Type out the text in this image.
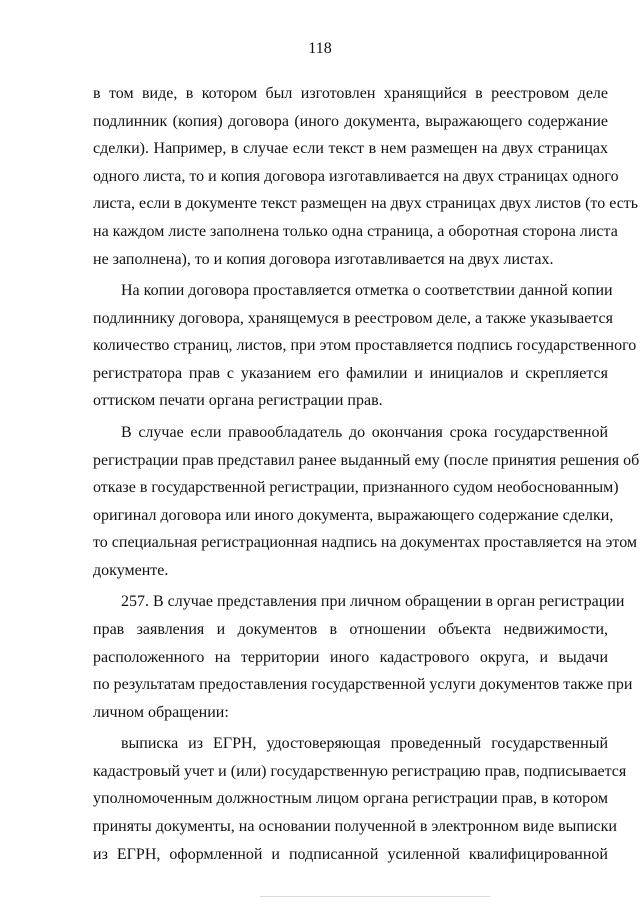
118

в том виде, в котором был изготовлен хранящийся в реестровом деле
подлинник (копия) договора (иного документа, выражающего содержание
сделки). Например, в случае если текст в нем размещен на двух страницах
одного листа, то и копия договора изготавливается на двух страницах одного
листа, если в документе текст размещен на двух страницах двух листов (то есть
на каждом листе заполнена только одна страница, а оборотная сторона листа
не заполнена), то и копия договора изготавливается на двух листах.

На копии договора проставляется отметка о соответствии данной копии
подлиннику договора, хранящемуся в реестровом деле, а также указывается
количество страниц, листов, при этом проставляется подпись государственного
регистратора прав с указанием его фамилии и инициалов и скрепляется
оттиском печати органа регистрации прав.

В случае если правообладатель до окончания срока государственной
регистрации прав представил ранее выданный ему (после принятия решения об
отказе в государственной регистрации, признанного судом необоснованным)
оригинал договора или иного документа, выражающего содержание сделки,
то специальная регистрационная надпись на документах проставляется на этом
документе.

257. В случае представления при личном обращении в орган регистрации
прав заявления и документов в отношении объекта недвижимости,
расположенного на территории иного кадастрового округа, и выдачи
по результатам предоставления государственной услуги документов также при
личном обращении:

выписка из ЕГРН, удостоверяющая проведенный государственный
кадастровый учет и (или) государственную регистрацию прав, подписывается
уполномоченным должностным лицом органа регистрации прав, в котором
приняты документы, на основании полученной в электронном виде выписки
из ЕГРН, оформленной и подписанной усиленной квалифицированной
